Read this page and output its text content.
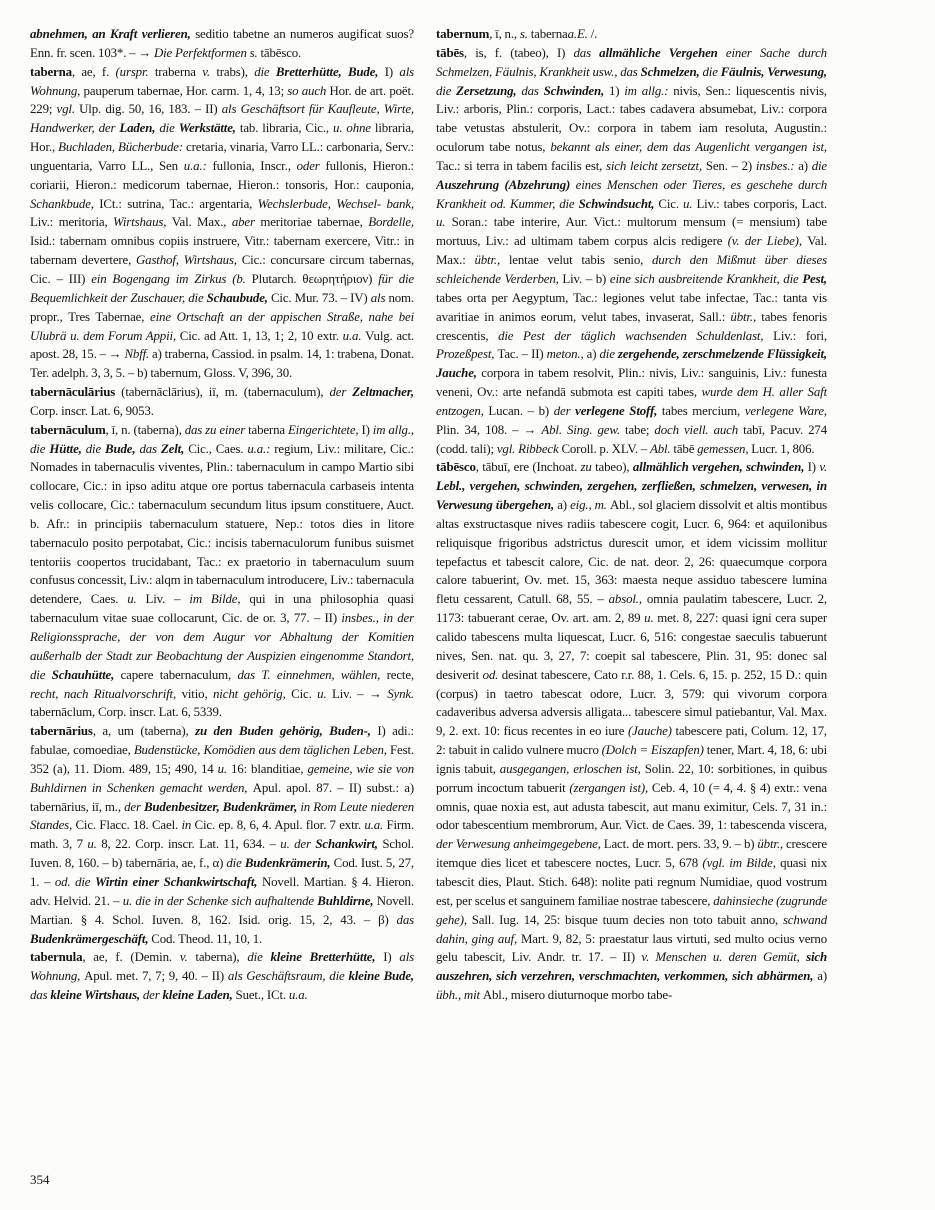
abnehmen, an Kraft verlieren, seditio tabetne an numeros augificat suos? Enn. fr. scen. 103*. – → Die Perfektformen s. tābēsco.

taberna, ae, f. (urspr. traberna v. trabs), die Bretterhütte, Bude, I) als Wohnung, pauperum tabernae, Hor. carm. 1, 4, 13; so auch Hor. de art. poët. 229; vgl. Ulp. dig. 50, 16, 183. – II) als Geschäftsort für Kaufleute, Wirte, Handwerker, der Laden, die Werkstätte, tab. libraria, Cic., u. ohne libraria, Hor., Buchladen, Bücherbude: cretaria, vinaria, Varro LL.: carbonaria, Serv.: unguentaria, Varro LL., Sen u.a.: fullonia, Inscr., oder fullonis, Hieron.: coriarii, Hieron.: medicorum tabernae, Hieron.: tonsoris, Hor.: cauponia, Schankbude, ICt.: sutrina, Tac.: argentaria, Wechslerbude, Wechsel- bank, Liv.: meritoria, Wirtshaus, Val. Max., aber meritoriae tabernae, Bordelle, Isid.: tabernam omnibus copiis instruere, Vitr.: tabernam exercere, Vitr.: in tabernam devertere, Gasthof, Wirtshaus, Cic.: concursare circum tabernas, Cic. – III) ein Bogengang im Zirkus (b. Plutarch. θεωρητήριον) für die Bequemlichkeit der Zuschauer, die Schaubude, Cic. Mur. 73. – IV) als nom. propr., Tres Tabernae, eine Ortschaft an der appischen Straße, nahe bei Ulubrä u. dem Forum Appii, Cic. ad Att. 1, 13, 1; 2, 10 extr. u.a. Vulg. act. apost. 28, 15. – → Nbff. a) traberna, Cassiod. in psalm. 14, 1: trabena, Donat. Ter. adelph. 3, 3, 5. – b) tabernum, Gloss. V, 396, 30.

tabernāculārius (tabernāclārius), iī, m. (tabernaculum), der Zeltmacher, Corp. inscr. Lat. 6, 9053.

tabernāculum, ī, n. (taberna), das zu einer taberna Eingerichtete, I) im allg., die Hütte, die Bude, das Zelt, Cic., Caes. u.a.: regium, Liv.: militare, Cic.: Nomades in tabernaculis viventes, Plin.: tabernaculum in campo Martio sibi collocare, Cic.: in ipso aditu atque ore portus tabernacula carbaseis intenta velis collocare, Cic.: tabernaculum secundum litus ipsum constituere, Auct. b. Afr.: in principiis tabernaculum statuere, Nep.: totos dies in litore tabernaculo posito perpotabat, Cic.: incisis tabernaculorum funibus suismet tentoriis coopertos trucidabant, Tac.: ex praetorio in tabernaculum suum confusus concessit, Liv.: alqm in tabernaculum introducere, Liv.: tabernacula detendere, Caes. u. Liv. – im Bilde, qui in una philosophia quasi tabernaculum vitae suae collocarunt, Cic. de or. 3, 77. – II) insbes., in der Religionssprache, der von dem Augur vor Abhaltung der Komitien außerhalb der Stadt zur Beobachtung der Auspizien eingenomme Standort, die Schauhütte, capere tabernaculum, das T. einnehmen, wählen, recte, recht, nach Ritualvorschrift, vitio, nicht gehörig, Cic. u. Liv. – → Synk. tabernāclum, Corp. inscr. Lat. 6, 5339.

tabernārius, a, um (taberna), zu den Buden gehörig, Buden-, I) adi.: fabulae, comoediae, Budenstücke, Komödien aus dem täglichen Leben, Fest. 352 (a), 11. Diom. 489, 15; 490, 14 u. 16: blanditiae, gemeine, wie sie von Buhldirnen in Schenken gemacht werden, Apul. apol. 87. – II) subst.: a) tabernārius, iī, m., der Budenbesitzer, Budenkrämer, in Rom Leute niederen Standes, Cic. Flacc. 18. Cael. in Cic. ep. 8, 6, 4. Apul. flor. 7 extr. u.a. Firm. math. 3, 7 u. 8, 22. Corp. inscr. Lat. 11, 634. – u. der Schankwirt, Schol. Iuven. 8, 160. – b) tabernāria, ae, f., α) die Budenkrämerin, Cod. Iust. 5, 27, 1. – od. die Wirtin einer Schankwirtschaft, Novell. Martian. § 4. Hieron. adv. Helvid. 21. – u. die in der Schenke sich aufhaltende Buhldirne, Novell. Martian. § 4. Schol. Iuven. 8, 162. Isid. orig. 15, 2, 43. – β) das Budenkrämergeschäft, Cod. Theod. 11, 10, 1.

tabernula, ae, f. (Demin. v. taberna), die kleine Bretterhütte, I) als Wohnung, Apul. met. 7, 7; 9, 40. – II) als Geschäftsraum, die kleine Bude, das kleine Wirtshaus, der kleine Laden, Suet., ICt. u.a.

tabernum, ī, n., s. tabernaa.E. /.

tābēs, is, f. (tabeo), I) das allmähliche Vergehen einer Sache durch Schmelzen, Fäulnis, Krankheit usw., das Schmelzen, die Fäulnis, Verwesung, die Zersetzung, das Schwinden, 1) im allg.: nivis, Sen.: liquescentis nivis, Liv.: arboris, Plin.: corporis, Lact.: tabes cadavera absumebat, Liv.: corpora tabe vetustas abstulerit, Ov.: corpora in tabem iam resoluta, Augustin.: oculorum tabe notus, bekannt als einer, dem das Augenlicht vergangen ist, Tac.: si terra in tabem facilis est, sich leicht zersetzt, Sen. – 2) insbes.: a) die Auszehrung (Abzehrung) eines Menschen oder Tieres, es geschehe durch Krankheit od. Kummer, die Schwindsucht, Cic. u. Liv.: tabes corporis, Lact. u. Soran.: tabe interire, Aur. Vict.: multorum mensum (= mensium) tabe mortuus, Liv.: ad ultimam tabem corpus alcis redigere (v. der Liebe), Val. Max.: übtr., lentae velut tabis senio, durch den Mißmut über dieses schleichende Verderben, Liv. – b) eine sich ausbreitende Krankheit, die Pest, tabes orta per Aegyptum, Tac.: legiones velut tabe infectae, Tac.: tanta vis avaritiae in animos eorum, velut tabes, invaserat, Sall.: übtr., tabes fenoris crescentis, die Pest der täglich wachsenden Schuldenlast, Liv.: fori, Prozeßpest, Tac. – II) meton., a) die zergehende, zerschmelzende Flüssigkeit, Jauche, corpora in tabem resolvit, Plin.: nivis, Liv.: sanguinis, Liv.: funesta veneni, Ov.: arte nefandā submota est capiti tabes, wurde dem H. aller Saft entzogen, Lucan. – b) der verlegene Stoff, tabes mercium, verlegene Ware, Plin. 34, 108. – → Abl. Sing. gew. tabe; doch viell. auch tabī, Pacuv. 274 (codd. tali); vgl. Ribbeck Coroll. p. XLV. – Abl. tābē gemessen, Lucr. 1, 806.

tābēsco, tābuī, ere (Inchoat. zu tabeo), allmählich vergehen, schwinden, I) v. Lebl., vergehen, schwinden, zergehen, zerfließen, schmelzen, verwesen, in Verwesung übergehen, a) eig., m. Abl., sol glaciem dissolvit et altis montibus altas exstructasque nives radiis tabescere cogit, Lucr. 6, 964: et aquilonibus reliquisque frigoribus adstrictus durescit umor, et idem vicissim mollitur tepefactus et tabescit calore, Cic. de nat. deor. 2, 26: quaecumque corpora calore tabuerint, Ov. met. 15, 363: maesta neque assiduo tabescere lumina fletu cessarent, Catull. 68, 55. – absol., omnia paulatim tabescere, Lucr. 2, 1173: tabuerant cerae, Ov. art. am. 2, 89 u. met. 8, 227: quasi igni cera super calido tabescens multa liquescat, Lucr. 6, 516: congestae saeculis tabuerunt nives, Sen. nat. qu. 3, 27, 7: coepit sal tabescere, Plin. 31, 95: donec sal desiverit od. desinat tabescere, Cato r.r. 88, 1. Cels. 6, 15. p. 252, 15 D.: quin (corpus) in taetro tabescat odore, Lucr. 3, 579: qui vivorum corpora cadaveribus adversa adversis alligata... tabescere simul patiebantur, Val. Max. 9, 2. ext. 10: ficus recentes in eo iure (Jauche) tabescere pati, Colum. 12, 17, 2: tabuit in calido vulnere mucro (Dolch = Eiszapfen) tener, Mart. 4, 18, 6: ubi ignis tabuit, ausgegangen, erloschen ist, Solin. 22, 10: sorbitiones, in quibus porrum incoctum tabuerit (zergangen ist), Ceb. 4, 10 (= 4, 4. § 4) extr.: vena omnis, quae noxia est, aut adusta tabescit, aut manu eximitur, Cels. 7, 31 in.: odor tabescentium membrorum, Aur. Vict. de Caes. 39, 1: tabescenda viscera, der Verwesung anheimgegebene, Lact. de mort. pers. 33, 9. – b) übtr., crescere itemque dies licet et tabescere noctes, Lucr. 5, 678 (vgl. im Bilde, quasi nix tabescit dies, Plaut. Stich. 648): nolite pati regnum Numidiae, quod vostrum est, per scelus et sanguinem familiae nostrae tabescere, dahinsieche (zugrunde gehe), Sall. Iug. 14, 25: bisque tuum decies non toto tabuit anno, schwand dahin, ging auf, Mart. 9, 82, 5: praestatur laus virtuti, sed multo ocius verno gelu tabescit, Liv. Andr. tr. 17. – II) v. Menschen u. deren Gemüt, sich auszehren, sich verzehren, verschmachten, verkommen, sich abhärmen, a) übh., mit Abl., misero diuturnoque morbo tabe-

354
